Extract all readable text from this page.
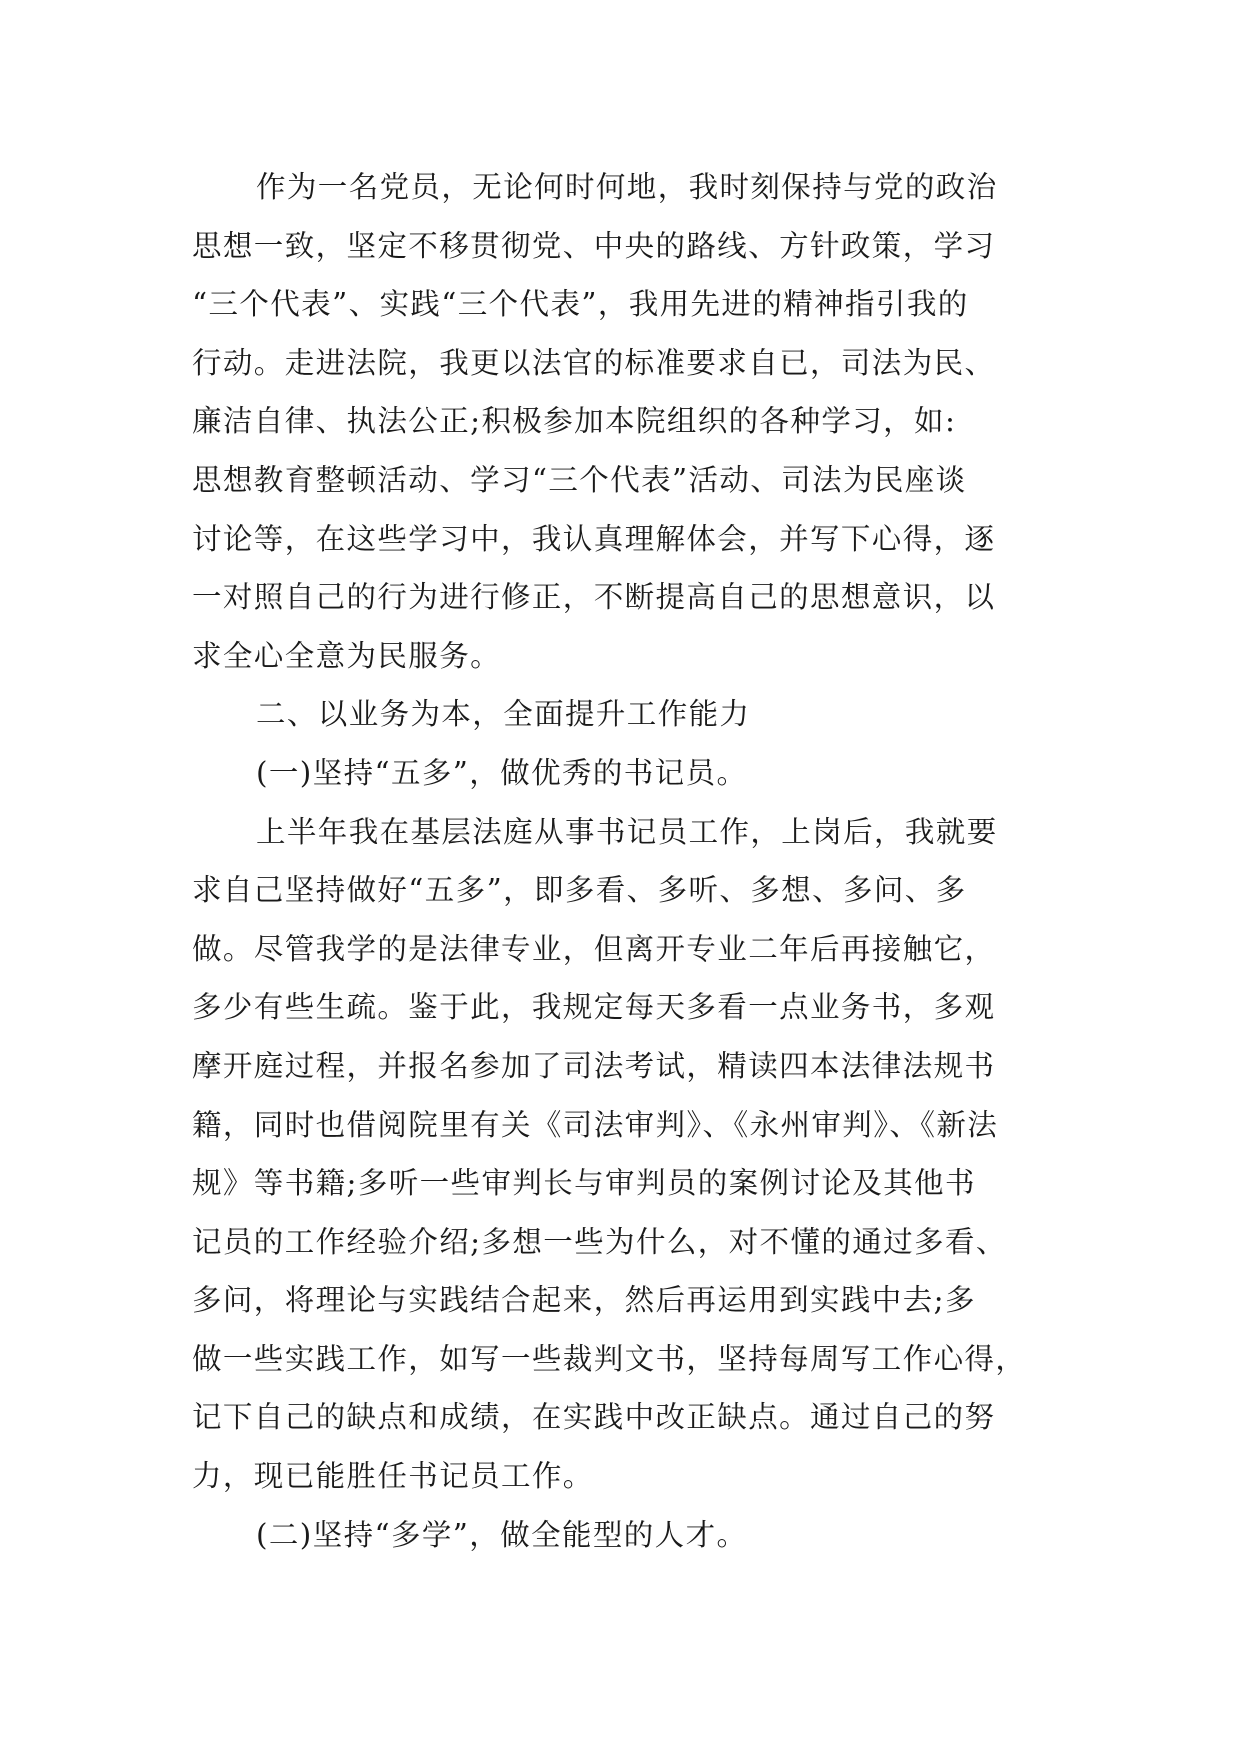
作为一名党员，无论何时何地，我时刻保持与党的政治
思想一致，坚定不移贯彻党、中央的路线、方针政策，学习
“三个代表”、实践“三个代表”，我用先进的精神指引我的
行动。走进法院，我更以法官的标准要求自已，司法为民、
廉洁自律、执法公正;积极参加本院组织的各种学习，如:
思想教育整顿活动、学习“三个代表”活动、司法为民座谈
讨论等，在这些学习中，我认真理解体会，并写下心得，逐
一对照自己的行为进行修正，不断提高自己的思想意识，以
求全心全意为民服务。
二、以业务为本，全面提升工作能力
(一)坚持“五多”，做优秀的书记员。
上半年我在基层法庭从事书记员工作，上岗后，我就要
求自己坚持做好“五多”，即多看、多听、多想、多问、多
做。尽管我学的是法律专业，但离开专业二年后再接触它，
多少有些生疏。鉴于此，我规定每天多看一点业务书，多观
摩开庭过程，并报名参加了司法考试，精读四本法律法规书
籍，同时也借阅院里有关《司法审判》、《永州审判》、《新法
规》等书籍;多听一些审判长与审判员的案例讨论及其他书
记员的工作经验介绍;多想一些为什么，对不懂的通过多看、
多问，将理论与实践结合起来，然后再运用到实践中去;多
做一些实践工作，如写一些裁判文书，坚持每周写工作心得，
记下自己的缺点和成绩，在实践中改正缺点。通过自己的努
力，现已能胜任书记员工作。
(二)坚持“多学”，做全能型的人才。
